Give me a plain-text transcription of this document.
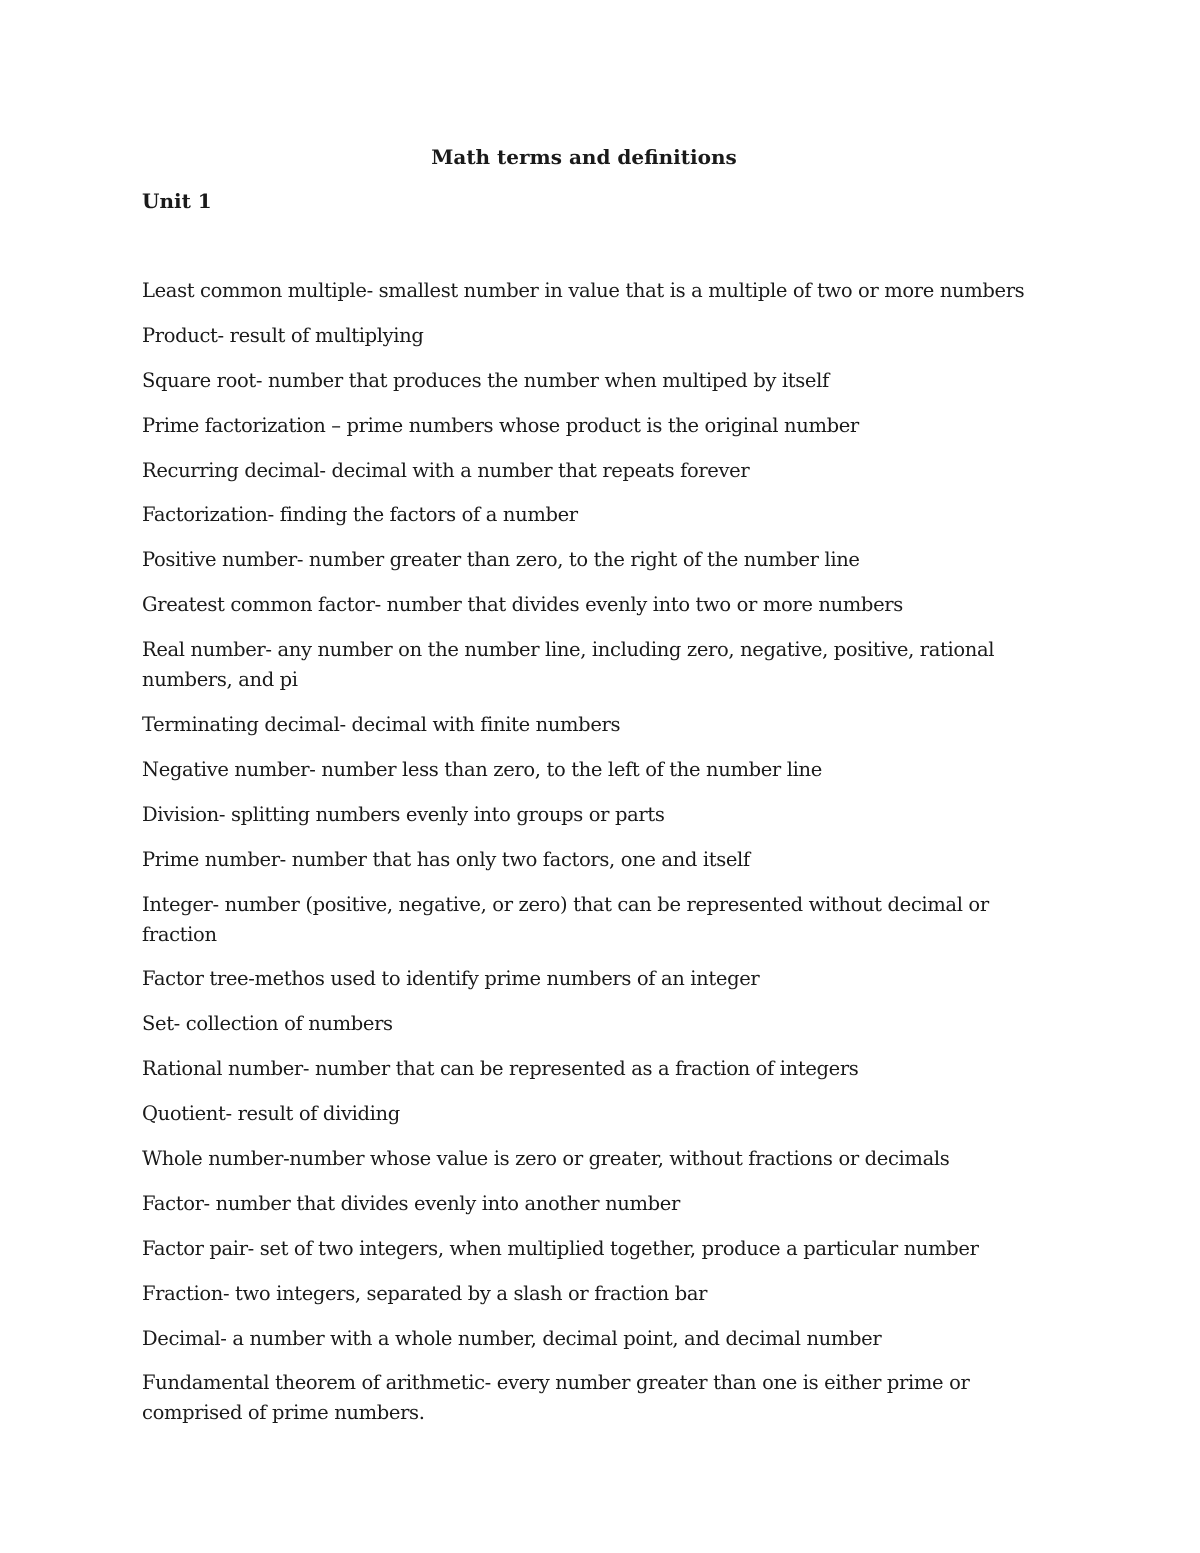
Math terms and definitions
Unit 1
Least common multiple- smallest number in value that is a multiple of two or more numbers
Product- result of multiplying
Square root- number that produces the number when multiped by itself
Prime factorization – prime numbers whose product is the original number
Recurring decimal- decimal with a number that repeats forever
Factorization- finding the factors of a number
Positive number- number greater than zero, to the right of the number line
Greatest common factor- number that divides evenly into two or more numbers
Real number- any number on the number line, including zero, negative, positive, rational numbers, and pi
Terminating decimal- decimal with finite numbers
Negative number- number less than zero, to the left of the number line
Division- splitting numbers evenly into groups or parts
Prime number- number that has only two factors, one and itself
Integer- number (positive, negative, or zero) that can be represented without decimal or fraction
Factor tree-methos used to identify prime numbers of an integer
Set- collection of numbers
Rational number- number that can be represented as a fraction of integers
Quotient- result of dividing
Whole number-number whose value is zero or greater, without fractions or decimals
Factor- number that divides evenly into another number
Factor pair- set of two integers, when multiplied together, produce a particular number
Fraction- two integers, separated by a slash or fraction bar
Decimal- a number with a whole number, decimal point, and decimal number
Fundamental theorem of arithmetic- every number greater than one is either prime or comprised of prime numbers.
